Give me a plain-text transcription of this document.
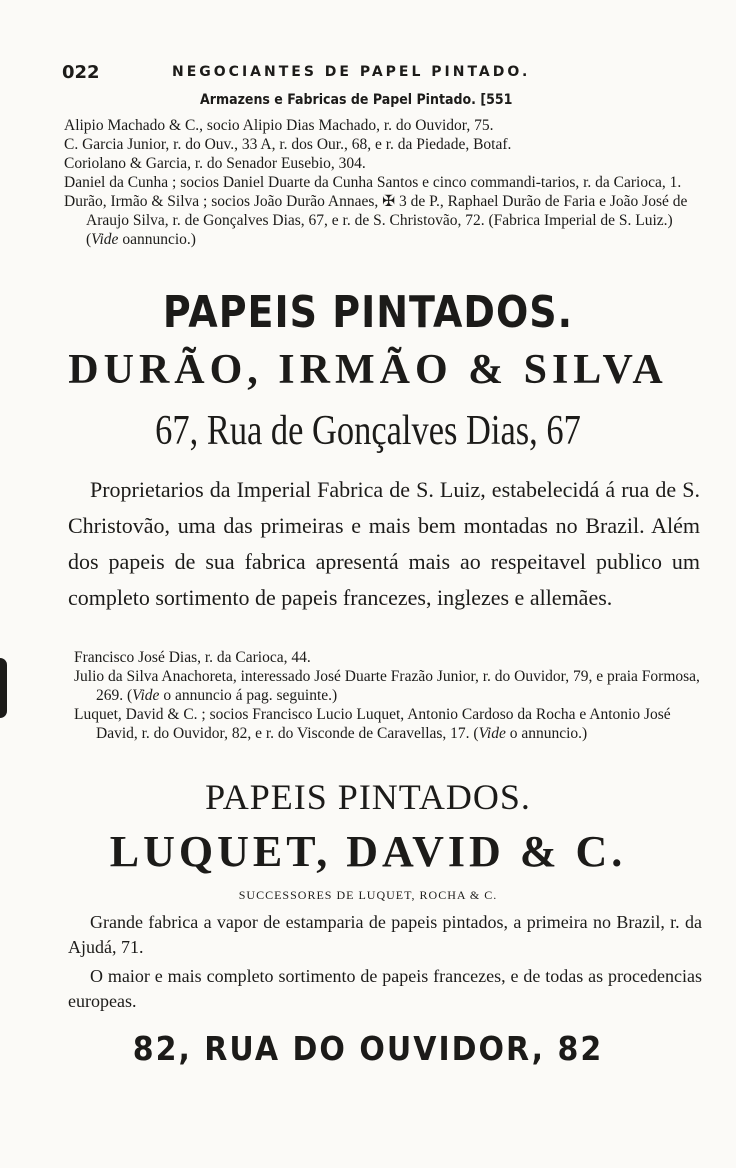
022	NEGOCIANTES DE PAPEL PINTADO.
Armazens e Fabricas de Papel Pintado. [551

Alipio Machado & C., socio Alipio Dias Machado, r. do Ouvidor, 75.

C. Garcia Junior, r. do Ouv., 33 A, r. dos Our., 68, e r. da Piedade, Botaf.

Coriolano & Garcia, r. do Senador Eusebio, 304.

Daniel da Cunha ; socios Daniel Duarte da Cunha Santos e cinco commandi-tarios, r. da Carioca, 1.

Durão, Irmão & Silva ; socios João Durão Annaes, ✠ 3 de P., Raphael Durão de Faria e João José de Araujo Silva, r. de Gonçalves Dias, 67, e r. de S. Christovão, 72. (Fabrica Imperial de S. Luiz.) (Vide oannuncio.)

PAPEIS PINTADOS.
DURÃO, IRMÃO & SILVA
67, Rua de Gonçalves Dias, 67
Proprietarios da Imperial Fabrica de S. Luiz, estabelecidá á rua de S. Christovão, uma das primeiras e mais bem montadas no Brazil. Além dos papeis de sua fabrica apresentá mais ao respeitavel publico um completo sortimento de papeis francezes, inglezes e allemães.

Francisco José Dias, r. da Carioca, 44.

Julio da Silva Anachoreta, interessado José Duarte Frazão Junior, r. do Ouvidor, 79, e praia Formosa, 269. (Vide o annuncio á pag. seguinte.)

Luquet, David & C. ; socios Francisco Lucio Luquet, Antonio Cardoso da Rocha e Antonio José David, r. do Ouvidor, 82, e r. do Visconde de Caravellas, 17. (Vide o annuncio.)

PAPEIS PINTADOS.
LUQUET, DAVID & C.
SUCCESSORES DE LUQUET, ROCHA & C.

Grande fabrica a vapor de estamparia de papeis pintados, a primeira no Brazil, r. da Ajudá, 71.

O maior e mais completo sortimento de papeis francezes, e de todas as procedencias europeas.

82, RUA DO OUVIDOR, 82
